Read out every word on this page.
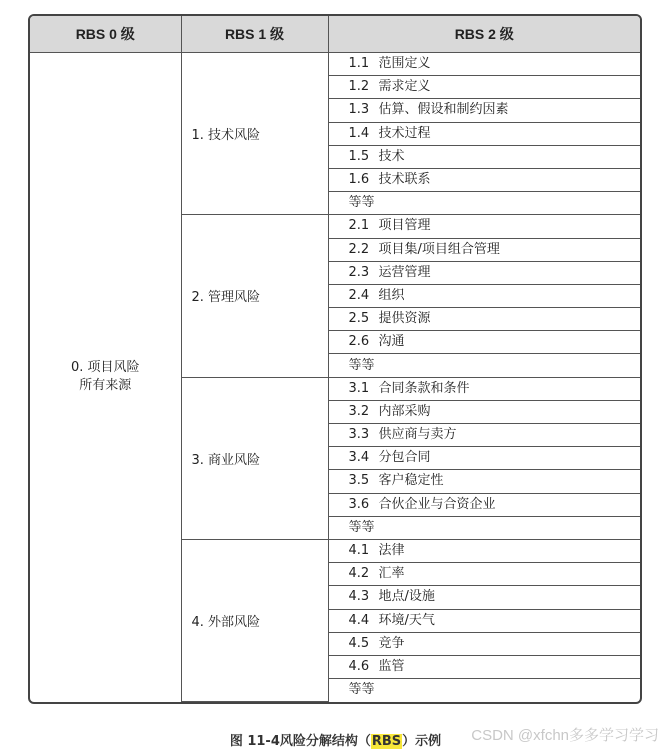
RBS 0 级	RBS 1 级	RBS 2 级

0. 项目风险
所有来源	1. 技术风险	1.1 范围定义
		1.2 需求定义
		1.3 估算、假设和制约因素
		1.4 技术过程
		1.5 技术
		1.6 技术联系
		等等
	2. 管理风险	2.1 项目管理
		2.2 项目集/项目组合管理
		2.3 运营管理
		2.4 组织
		2.5 提供资源
		2.6 沟通
		等等
	3. 商业风险	3.1 合同条款和条件
		3.2 内部采购
		3.3 供应商与卖方
		3.4 分包合同
		3.5 客户稳定性
		3.6 合伙企业与合资企业
		等等
	4. 外部风险	4.1 法律
		4.2 汇率
		4.3 地点/设施
		4.4 环境/天气
		4.5 竞争
		4.6 监管
		等等
图 11-4风险分解结构（RBS）示例	CSDN @xfchn多多学习学习
